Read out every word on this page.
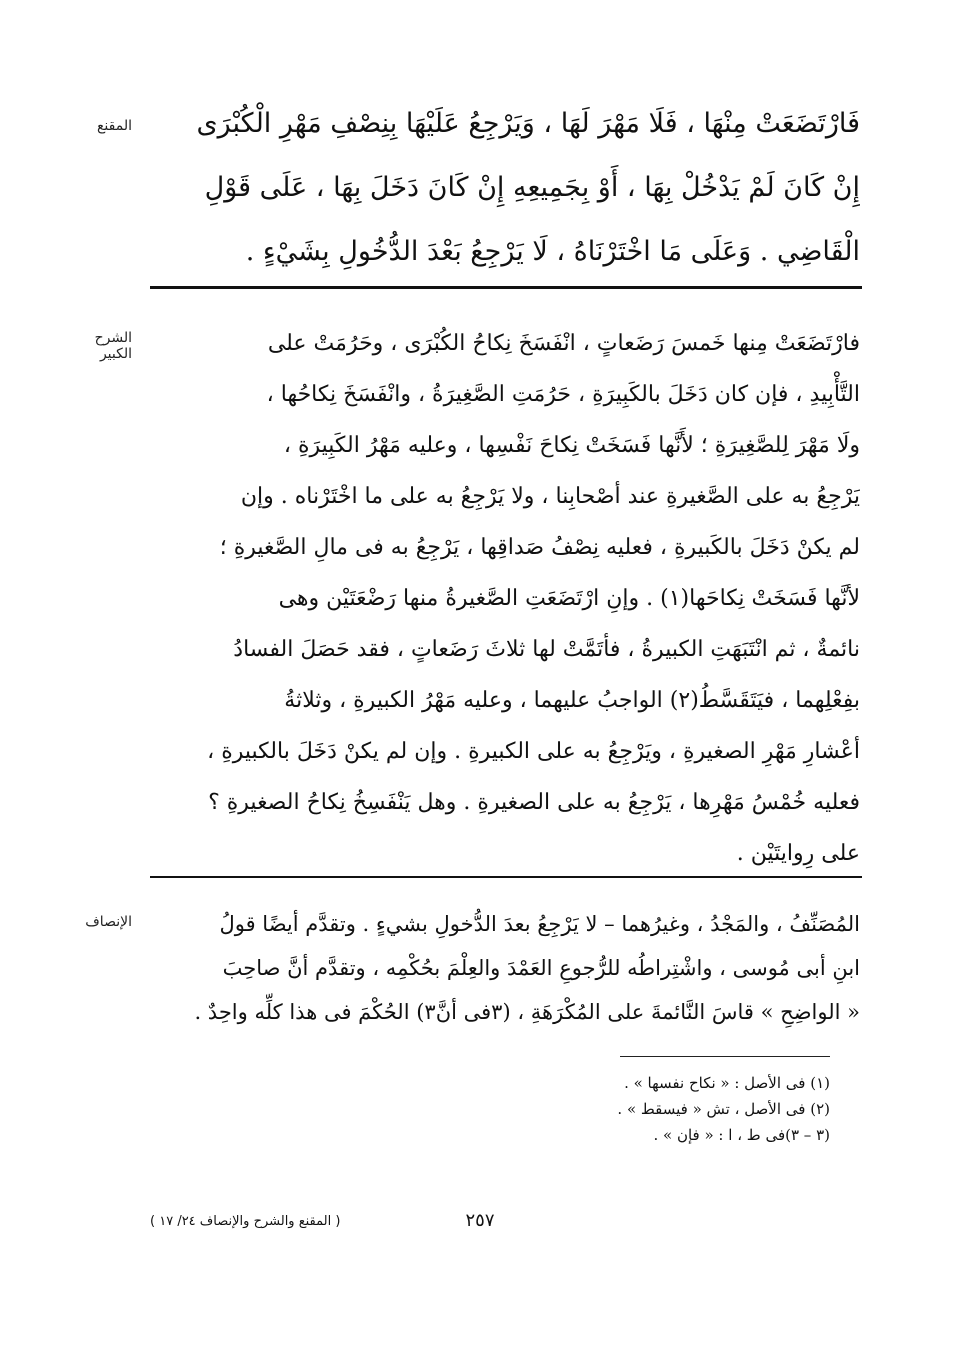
المقنع	فَارْتَضَعَتْ مِنْهَا ، فَلَا مَهْرَ لَهَا ، وَيَرْجِعُ عَلَيْهَا بِنِصْفِ مَهْرِ الْكُبْرَى
إِنْ كَانَ لَمْ يَدْخُلْ بِهَا ، أَوْ بِجَمِيعِهِ إِنْ كَانَ دَخَلَ بِهَا ، عَلَى قَوْلِ
الْقَاضِي . وَعَلَى مَا اخْتَرْنَاهُ ، لَا يَرْجِعُ بَعْدَ الدُّخُولِ بِشَيْءٍ .
الشرح الكبير	فارْتَضَعَتْ مِنها خَمسَ رَضَعاتٍ ، انْفَسَخَ نِكاحُ الكُبْرَى ، وحَرُمَتْ على
التَّأْبِيدِ ، فإن كان دَخَلَ بالكَبِيرَةِ ، حَرُمَتِ الصَّغِيرَةُ ، وانْفَسَخَ نِكاحُها ،
ولَا مَهْرَ لِلصَّغِيرَةِ ؛ لأَنَّها فَسَخَتْ نِكاحَ نَفْسِها ، وعليه مَهْرُ الكَبِيرَةِ ،
يَرْجِعُ به على الصَّغيرةِ عند أصْحابِنا ، ولا يَرْجِعُ به على ما اخْتَرْناه . وإن
لم يكنْ دَخَلَ بالكَبيرةِ ، فعليه نِصْفُ صَداقِها ، يَرْجِعُ به فى مالِ الصَّغيرةِ ؛
لأنَّها فَسَخَتْ نِكاحَها(١) . وإنِ ارْتَضَعَتِ الصَّغيرةُ منها رَضْعَتَيْن وهى
نائمةٌ ، ثم انْتَبَهَتِ الكبيرةُ ، فأتَمَّتْ لها ثلاثَ رَضَعاتٍ ، فقد حَصَلَ الفسادُ
بفِعْلِهما ، فيَتَقَسَّطُ(٢) الواجبُ عليهما ، وعليه مَهْرُ الكبيرةِ ، وثلاثةُ
أعْشارِ مَهْرِ الصغيرةِ ، ويَرْجِعُ به على الكبيرةِ . وإن لم يكنْ دَخَلَ بالكبيرةِ ،
فعليه خُمْسُ مَهْرِها ، يَرْجِعُ به على الصغيرةِ . وهل يَنْفَسِخُ نِكاحُ الصغيرةِ ؟
على رِوايتَيْن .
الإنصاف	المُصَنِّفُ ، والمَجْدُ ، وغيرُهما – لا يَرْجِعُ بعدَ الدُّخولِ بشيءٍ . وتقدَّم أيضًا قولُ
ابنِ أبى مُوسى ، واشْتِراطُه للرُّجوعِ العَمْدَ والعِلْمَ بحُكْمِه ، وتقدَّم أنَّ صاحِبَ
« الواضِحِ » قاسَ النَّائمةَ على المُكْرَهَةِ ، (٣فى أنَّ٣) الحُكْمَ فى هذا كلِّه واحِدٌ .
(١) فى الأصل : « نكاح نفسها » .
(٢) فى الأصل ، تش « فيسقط » .
(٣ – ٣)فى ط ، ا : « فإن » .
٢٥٧
( المقنع والشرح والإنصاف ٢٤/ ١٧ )
